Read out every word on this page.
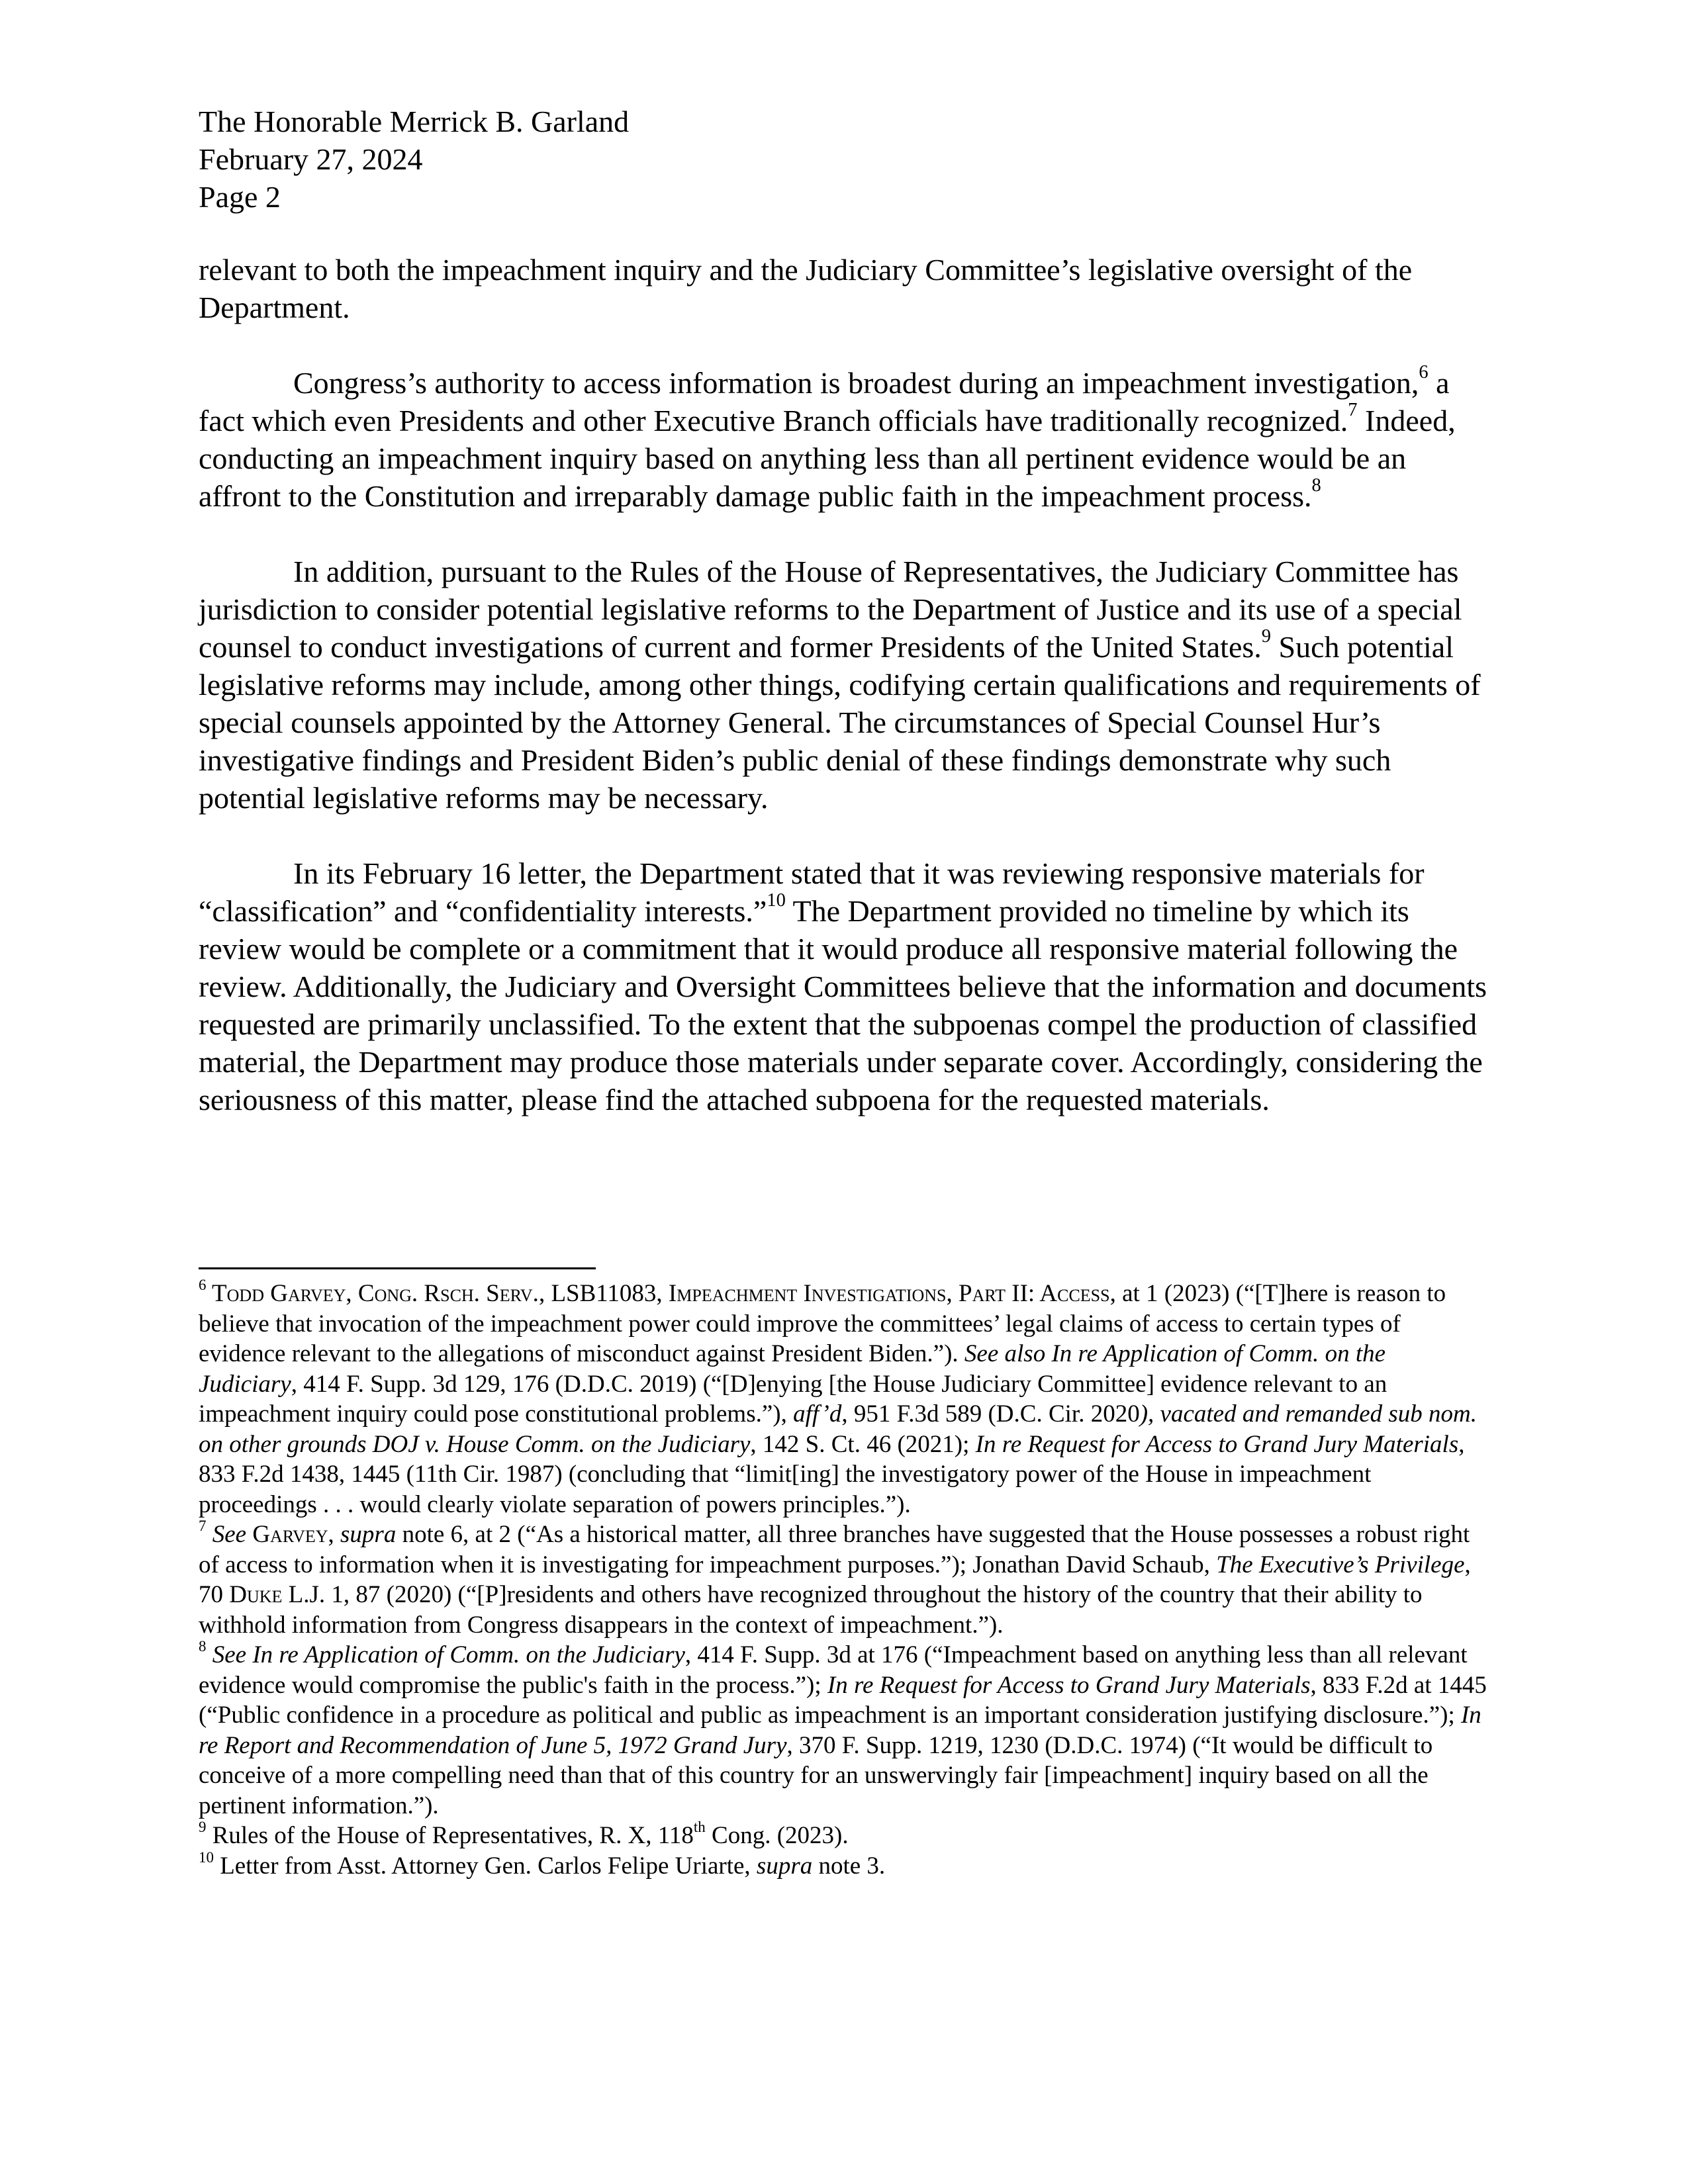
The Honorable Merrick B. Garland
February 27, 2024
Page 2

relevant to both the impeachment inquiry and the Judiciary Committee’s legislative oversight of the Department.

Congress’s authority to access information is broadest during an impeachment investigation,$^6$ a fact which even Presidents and other Executive Branch officials have traditionally recognized.$^7$ Indeed, conducting an impeachment inquiry based on anything less than all pertinent evidence would be an affront to the Constitution and irreparably damage public faith in the impeachment process.$^8$

In addition, pursuant to the Rules of the House of Representatives, the Judiciary Committee has jurisdiction to consider potential legislative reforms to the Department of Justice and its use of a special counsel to conduct investigations of current and former Presidents of the United States.$^9$ Such potential legislative reforms may include, among other things, codifying certain qualifications and requirements of special counsels appointed by the Attorney General. The circumstances of Special Counsel Hur’s investigative findings and President Biden’s public denial of these findings demonstrate why such potential legislative reforms may be necessary.

In its February 16 letter, the Department stated that it was reviewing responsive materials for “classification” and “confidentiality interests.”$^{10}$ The Department provided no timeline by which its review would be complete or a commitment that it would produce all responsive material following the review. Additionally, the Judiciary and Oversight Committees believe that the information and documents requested are primarily unclassified. To the extent that the subpoenas compel the production of classified material, the Department may produce those materials under separate cover. Accordingly, considering the seriousness of this matter, please find the attached subpoena for the requested materials.

$^6$ Todd Garvey, Cong. Rsch. Serv., LSB11083, Impeachment Investigations, Part II: Access, at 1 (2023) (“[T]here is reason to believe that invocation of the impeachment power could improve the committees’ legal claims of access to certain types of evidence relevant to the allegations of misconduct against President Biden.”). See also In re Application of Comm. on the Judiciary, 414 F. Supp. 3d 129, 176 (D.D.C. 2019) (“[D]enying [the House Judiciary Committee] evidence relevant to an impeachment inquiry could pose constitutional problems.”), aff’d, 951 F.3d 589 (D.C. Cir. 2020), vacated and remanded sub nom. on other grounds DOJ v. House Comm. on the Judiciary, 142 S. Ct. 46 (2021); In re Request for Access to Grand Jury Materials, 833 F.2d 1438, 1445 (11th Cir. 1987) (concluding that “limit[ing] the investigatory power of the House in impeachment proceedings . . . would clearly violate separation of powers principles.”).

$^7$ See Garvey, supra note 6, at 2 (“As a historical matter, all three branches have suggested that the House possesses a robust right of access to information when it is investigating for impeachment purposes.”); Jonathan David Schaub, The Executive’s Privilege, 70 Duke L.J. 1, 87 (2020) (“[P]residents and others have recognized throughout the history of the country that their ability to withhold information from Congress disappears in the context of impeachment.”).

$^8$ See In re Application of Comm. on the Judiciary, 414 F. Supp. 3d at 176 (“Impeachment based on anything less than all relevant evidence would compromise the public's faith in the process.”); In re Request for Access to Grand Jury Materials, 833 F.2d at 1445 (“Public confidence in a procedure as political and public as impeachment is an important consideration justifying disclosure.”); In re Report and Recommendation of June 5, 1972 Grand Jury, 370 F. Supp. 1219, 1230 (D.D.C. 1974) (“It would be difficult to conceive of a more compelling need than that of this country for an unswervingly fair [impeachment] inquiry based on all the pertinent information.”).

$^9$ Rules of the House of Representatives, R. X, 118th Cong. (2023).

$^{10}$ Letter from Asst. Attorney Gen. Carlos Felipe Uriarte, supra note 3.
